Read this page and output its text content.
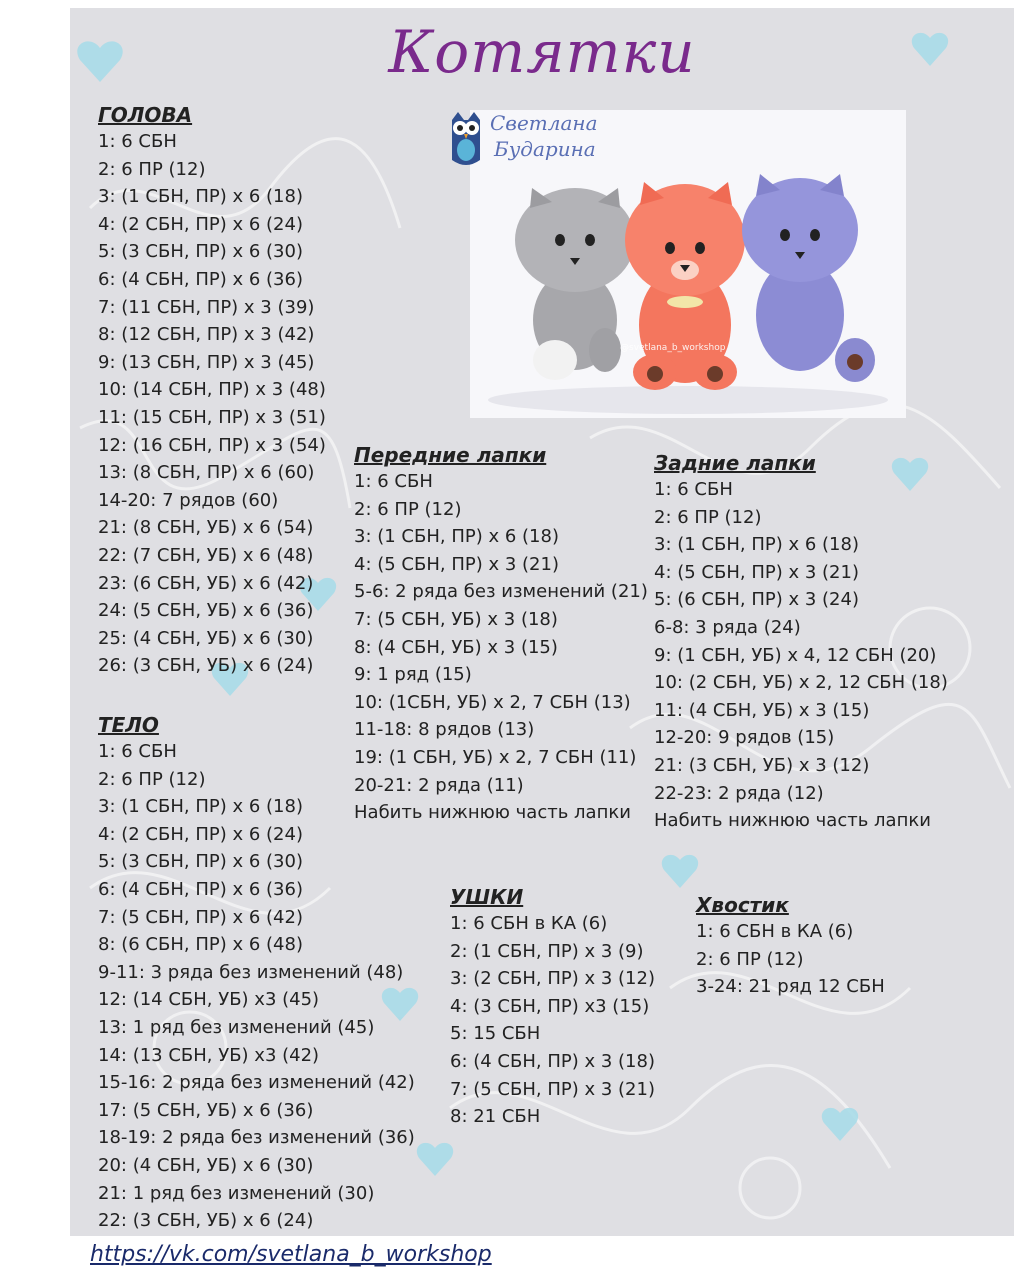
Котятки
@svetlana_b_workshop
Светлана
Бударина
ГОЛОВА
1: 6 СБН
2: 6 ПР (12)
3: (1 СБН, ПР) х 6 (18)
4: (2 СБН, ПР) х 6 (24)
5: (3 СБН, ПР) х 6 (30)
6: (4 СБН, ПР) х 6 (36)
7: (11 СБН, ПР) х 3 (39)
8: (12 СБН, ПР) х 3 (42)
9: (13 СБН, ПР) х 3 (45)
10: (14 СБН, ПР) х 3 (48)
11: (15 СБН, ПР) х 3 (51)
12: (16 СБН, ПР) х 3 (54)
13: (8 СБН, ПР) х 6 (60)
14-20: 7 рядов (60)
21: (8 СБН, УБ) х 6 (54)
22: (7 СБН, УБ) х 6 (48)
23: (6 СБН, УБ) х 6 (42)
24: (5 СБН, УБ) х 6 (36)
25: (4 СБН, УБ) х 6 (30)
26: (3 СБН, УБ) х 6 (24)
ТЕЛО
1: 6 СБН
2: 6 ПР (12)
3: (1 СБН, ПР) х 6 (18)
4: (2 СБН, ПР) х 6 (24)
5: (3 СБН, ПР) х 6 (30)
6: (4 СБН, ПР) х 6 (36)
7: (5 СБН, ПР) х 6 (42)
8: (6 СБН, ПР) х 6 (48)
9-11: 3 ряда без изменений (48)
12: (14 СБН, УБ) х3 (45)
13: 1 ряд без изменений (45)
14: (13 СБН, УБ) х3 (42)
15-16: 2 ряда без изменений (42)
17: (5 СБН, УБ) х 6 (36)
18-19: 2 ряда без изменений (36)
20: (4 СБН, УБ) х 6 (30)
21: 1 ряд без изменений (30)
22: (3 СБН, УБ) х 6 (24)
Передние лапки
1: 6 СБН
2: 6 ПР (12)
3: (1 СБН, ПР) х 6 (18)
4: (5 СБН, ПР) х 3 (21)
5-6: 2 ряда без изменений (21)
7: (5 СБН, УБ) х 3 (18)
8: (4 СБН, УБ) х 3 (15)
9: 1 ряд (15)
10: (1СБН, УБ) х 2, 7 СБН (13)
11-18: 8 рядов (13)
19: (1 СБН, УБ) х 2, 7 СБН (11)
20-21: 2 ряда (11)
Набить нижнюю часть лапки
Задние лапки
1: 6 СБН
2: 6 ПР (12)
3: (1 СБН, ПР) х 6 (18)
4: (5 СБН, ПР) х 3 (21)
5: (6 СБН, ПР) х 3 (24)
6-8: 3 ряда (24)
9: (1 СБН, УБ) х 4, 12 СБН (20)
10: (2 СБН, УБ) х 2, 12 СБН (18)
11: (4 СБН, УБ) х 3 (15)
12-20: 9 рядов (15)
21: (3 СБН, УБ) х 3 (12)
22-23: 2 ряда (12)
Набить нижнюю часть лапки
УШКИ
1: 6 СБН в КА (6)
2: (1 СБН, ПР) х 3 (9)
3: (2 СБН, ПР) х 3 (12)
4: (3 СБН, ПР) х3 (15)
5: 15 СБН
6: (4 СБН, ПР) х 3 (18)
7: (5 СБН, ПР) х 3 (21)
8: 21 СБН
Хвостик
1: 6 СБН в КА (6)
2: 6 ПР (12)
3-24: 21 ряд 12 СБН
https://vk.com/svetlana_b_workshop
